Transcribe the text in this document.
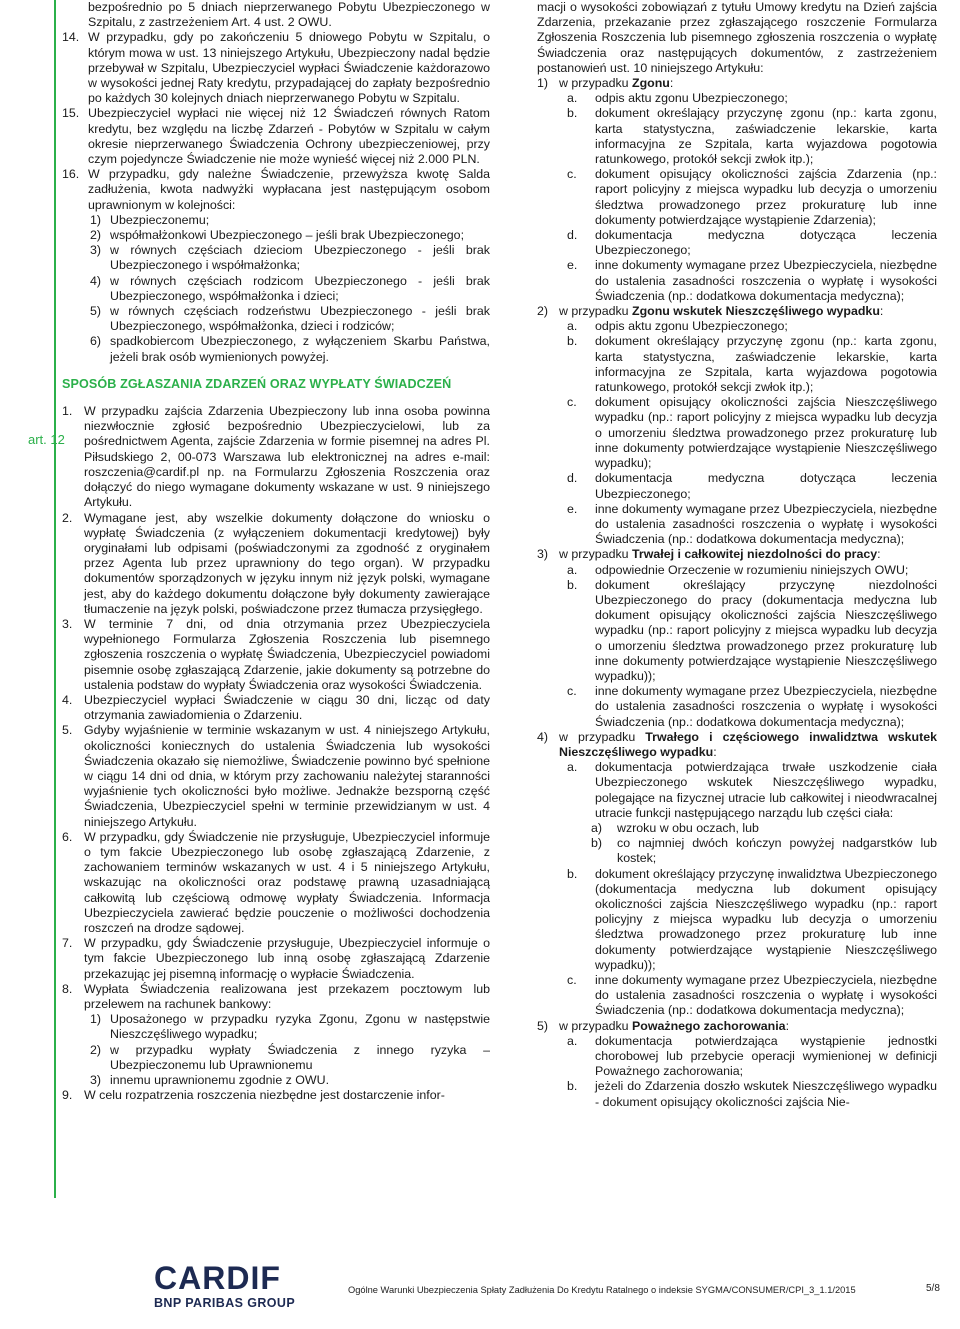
art. 12
bezpośrednio po 5 dniach nieprzerwanego Pobytu Ubezpieczonego w Szpitalu, z zastrzeżeniem Art. 4 ust. 2 OWU.
14. W przypadku, gdy po zakończeniu 5 dniowego Pobytu w Szpitalu, o którym mowa w ust. 13 niniejszego Artykułu, Ubezpieczony nadal będzie przebywał w Szpitalu, Ubezpieczyciel wypłaci Świadczenie każdorazowo w wysokości jednej Raty kredytu, przypadającej do zapłaty bezpośrednio po każdych 30 kolejnych dniach nieprzerwanego Pobytu w Szpitalu.
15. Ubezpieczyciel wypłaci nie więcej niż 12 Świadczeń równych Ratom kredytu, bez względu na liczbę Zdarzeń - Pobytów w Szpitalu w całym okresie nieprzerwanego Świadczenia Ochrony ubezpieczeniowej, przy czym pojedyncze Świadczenie nie może wynieść więcej niż 2.000 PLN.
16. W przypadku, gdy należne Świadczenie, przewyższa kwotę Salda zadłużenia, kwota nadwyżki wypłacana jest następującym osobom uprawnionym w kolejności:
1) Ubezpieczonemu;
2) współmałżonkowi Ubezpieczonego – jeśli brak Ubezpieczonego;
3) w równych częściach dzieciom Ubezpieczonego - jeśli brak Ubezpieczonego i współmałżonka;
4) w równych częściach rodzicom Ubezpieczonego - jeśli brak Ubezpieczonego, współmałżonka i dzieci;
5) w równych częściach rodzeństwu Ubezpieczonego - jeśli brak Ubezpieczonego, współmałżonka, dzieci i rodziców;
6) spadkobiercom Ubezpieczonego, z wyłączeniem Skarbu Państwa, jeżeli brak osób wymienionych powyżej.
SPOSÓB ZGŁASZANIA ZDARZEŃ ORAZ WYPŁATY ŚWIADCZEŃ
1. W przypadku zajścia Zdarzenia Ubezpieczony lub inna osoba powinna niezwłocznie zgłosić bezpośrednio Ubezpieczycielowi, lub za pośrednictwem Agenta, zajście Zdarzenia w formie pisemnej na adres Pl. Piłsudskiego 2, 00-073 Warszawa lub elektronicznej na adres e-mail: roszczenia@cardif.pl np. na Formularzu Zgłoszenia Roszczenia oraz dołączyć do niego wymagane dokumenty wskazane w ust. 9 niniejszego Artykułu.
2. Wymagane jest, aby wszelkie dokumenty dołączone do wniosku o wypłatę Świadczenia (z wyłączeniem dokumentacji kredytowej) były oryginałami lub odpisami (poświadczonymi za zgodność z oryginałem przez Agenta lub przez uprawniony do tego organ). W przypadku dokumentów sporządzonych w języku innym niż język polski, wymagane jest, aby do każdego dokumentu dołączone były dokumenty zawierające tłumaczenie na język polski, poświadczone przez tłumacza przysięgłego.
3. W terminie 7 dni, od dnia otrzymania przez Ubezpieczyciela wypełnionego Formularza Zgłoszenia Roszczenia lub pisemnego zgłoszenia roszczenia o wypłatę Świadczenia, Ubezpieczyciel powiadomi pisemnie osobę zgłaszającą Zdarzenie, jakie dokumenty są potrzebne do ustalenia podstaw do wypłaty Świadczenia oraz wysokości Świadczenia.
4. Ubezpieczyciel wypłaci Świadczenie w ciągu 30 dni, licząc od daty otrzymania zawiadomienia o Zdarzeniu.
5. Gdyby wyjaśnienie w terminie wskazanym w ust. 4 niniejszego Artykułu, okoliczności koniecznych do ustalenia Świadczenia lub wysokości Świadczenia okazało się niemożliwe, Świadczenie powinno być spełnione w ciągu 14 dni od dnia, w którym przy zachowaniu należytej staranności wyjaśnienie tych okoliczności było możliwe. Jednakże bezsporną część Świadczenia, Ubezpieczyciel spełni w terminie przewidzianym w ust. 4 niniejszego Artykułu.
6. W przypadku, gdy Świadczenie nie przysługuje, Ubezpieczyciel informuje o tym fakcie Ubezpieczonego lub osobę zgłaszającą Zdarzenie, z zachowaniem terminów wskazanych w ust. 4 i 5 niniejszego Artykułu, wskazując na okoliczności oraz podstawę prawną uzasadniającą całkowitą lub częściową odmowę wypłaty Świadczenia. Informacja Ubezpieczyciela zawierać będzie pouczenie o możliwości dochodzenia roszczeń na drodze sądowej.
7. W przypadku, gdy Świadczenie przysługuje, Ubezpieczyciel informuje o tym fakcie Ubezpieczonego lub inną osobę zgłaszającą Zdarzenie przekazując jej pisemną informację o wypłacie Świadczenia.
8. Wypłata Świadczenia realizowana jest przekazem pocztowym lub przelewem na rachunek bankowy:
1) Uposażonego w przypadku ryzyka Zgonu, Zgonu w następstwie Nieszczęśliwego wypadku;
2) w przypadku wypłaty Świadczenia z innego ryzyka – Ubezpieczonemu lub Uprawnionemu
3) innemu uprawnionemu zgodnie z OWU.
9. W celu rozpatrzenia roszczenia niezbędne jest dostarczenie infor-
macji o wysokości zobowiązań z tytułu Umowy kredytu na Dzień zajścia Zdarzenia, przekazanie przez zgłaszającego roszczenie Formularza Zgłoszenia Roszczenia lub pisemnego zgłoszenia roszczenia o wypłatę Świadczenia oraz następujących dokumentów, z zastrzeżeniem postanowień ust. 10 niniejszego Artykułu:
1) w przypadku Zgonu:
a. odpis aktu zgonu Ubezpieczonego;
b. dokument określający przyczynę zgonu (np.: karta zgonu, karta statystyczna, zaświadczenie lekarskie, karta informacyjna ze Szpitala, karta wyjazdowa pogotowia ratunkowego, protokół sekcji zwłok itp.);
c. dokument opisujący okoliczności zajścia Zdarzenia (np.: raport policyjny z miejsca wypadku lub decyzja o umorzeniu śledztwa prowadzonego przez prokuraturę lub inne dokumenty potwierdzające wystąpienie Zdarzenia);
d. dokumentacja medyczna dotycząca leczenia Ubezpieczonego;
e. inne dokumenty wymagane przez Ubezpieczyciela, niezbędne do ustalenia zasadności roszczenia o wypłatę i wysokości Świadczenia (np.: dodatkowa dokumentacja medyczna);
2) w przypadku Zgonu wskutek Nieszczęśliwego wypadku:
a. odpis aktu zgonu Ubezpieczonego;
b. dokument określający przyczynę zgonu (np.: karta zgonu, karta statystyczna, zaświadczenie lekarskie, karta informacyjna ze Szpitala, karta wyjazdowa pogotowia ratunkowego, protokół sekcji zwłok itp.);
c. dokument opisujący okoliczności zajścia Nieszczęśliwego wypadku (np.: raport policyjny z miejsca wypadku lub decyzja o umorzeniu śledztwa prowadzonego przez prokuraturę lub inne dokumenty potwierdzające wystąpienie Nieszczęśliwego wypadku);
d. dokumentacja medyczna dotycząca leczenia Ubezpieczonego;
e. inne dokumenty wymagane przez Ubezpieczyciela, niezbędne do ustalenia zasadności roszczenia o wypłatę i wysokości Świadczenia (np.: dodatkowa dokumentacja medyczna);
3) w przypadku Trwałej i całkowitej niezdolności do pracy:
a. odpowiednie Orzeczenie w rozumieniu niniejszych OWU;
b. dokument określający przyczynę niezdolności Ubezpieczonego do pracy (dokumentacja medyczna lub dokument opisujący okoliczności zajścia Nieszczęśliwego wypadku (np.: raport policyjny z miejsca wypadku lub decyzja o umorzeniu śledztwa prowadzonego przez prokuraturę lub inne dokumenty potwierdzające wystąpienie Nieszczęśliwego wypadku));
c. inne dokumenty wymagane przez Ubezpieczyciela, niezbędne do ustalenia zasadności roszczenia o wypłatę i wysokości Świadczenia (np.: dodatkowa dokumentacja medyczna);
4) w przypadku Trwałego i częściowego inwalidztwa wskutek Nieszczęśliwego wypadku:
a. dokumentacja potwierdzająca trwałe uszkodzenie ciała Ubezpieczonego wskutek Nieszczęśliwego wypadku, polegające na fizycznej utracie lub całkowitej i nieodwracalnej utracie funkcji następującego narządu lub części ciała:
a) wzroku w obu oczach, lub
b) co najmniej dwóch kończyn powyżej nadgarstków lub kostek;
b. dokument określający przyczynę inwalidztwa Ubezpieczonego (dokumentacja medyczna lub dokument opisujący okoliczności zajścia Nieszczęśliwego wypadku (np.: raport policyjny z miejsca wypadku lub decyzja o umorzeniu śledztwa prowadzonego przez prokuraturę lub inne dokumenty potwierdzające wystąpienie Nieszczęśliwego wypadku));
c. inne dokumenty wymagane przez Ubezpieczyciela, niezbędne do ustalenia zasadności roszczenia o wypłatę i wysokości Świadczenia (np.: dodatkowa dokumentacja medyczna);
5) w przypadku Poważnego zachorowania:
a. dokumentacja potwierdzająca wystąpienie jednostki chorobowej lub przebycie operacji wymienionej w definicji Poważnego zachorowania;
b. jeżeli do Zdarzenia doszło wskutek Nieszczęśliwego wypadku - dokument opisujący okoliczności zajścia Nie-
CARDIF
BNP PARIBAS GROUP
Ogólne Warunki Ubezpieczenia Spłaty Zadłużenia Do Kredytu Ratalnego o indeksie SYGMA/CONSUMER/CPI_3_1.1/2015	5/8
